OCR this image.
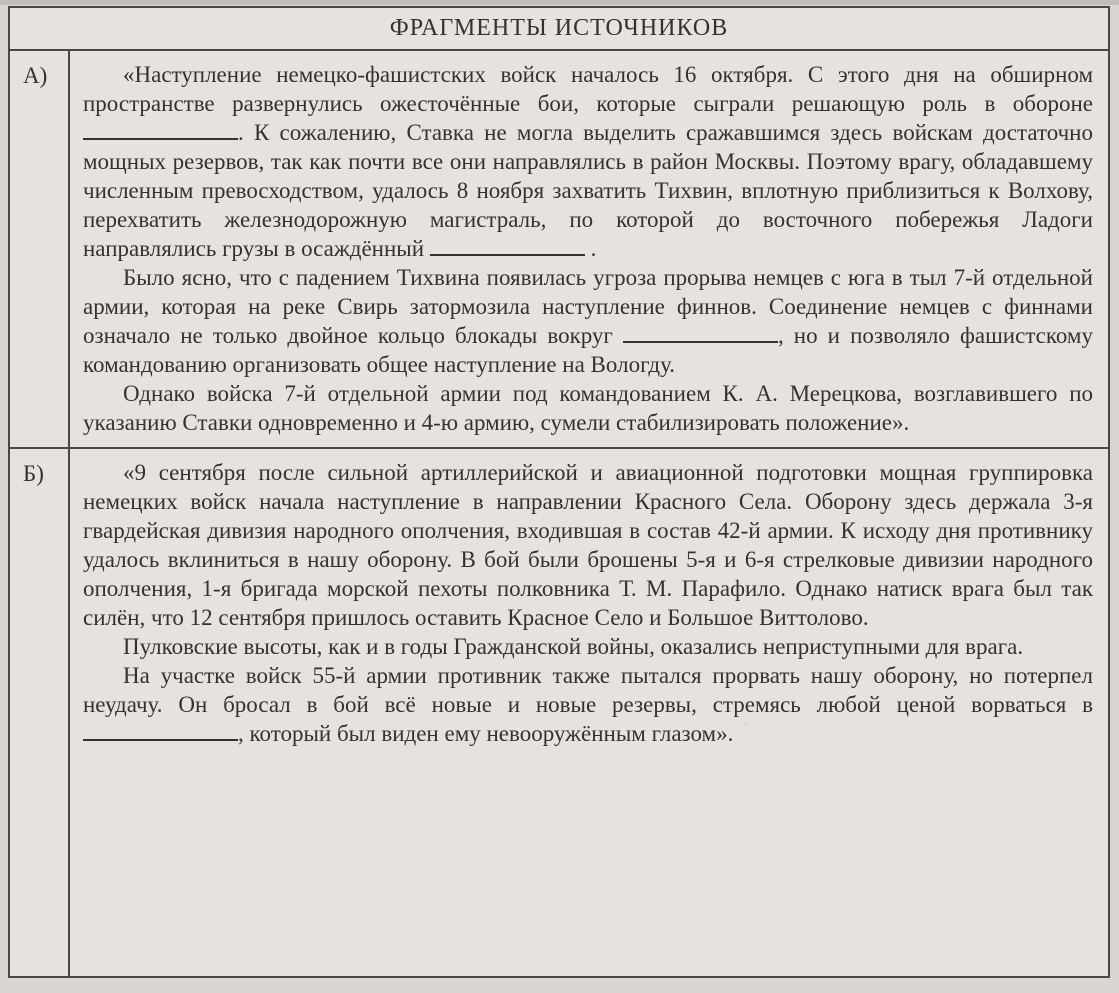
ФРАГМЕНТЫ ИСТОЧНИКОВ
А)	«Наступление немецко-фашистских войск началось 16 октября. С этого дня на обширном пространстве развернулись ожесточённые бои, которые сыграли решающую роль в обороне . К сожалению, Ставка не могла выделить сражавшимся здесь войскам достаточно мощных резервов, так как почти все они направлялись в район Москвы. Поэтому врагу, обладавшему численным превосходством, удалось 8 ноября захватить Тихвин, вплотную приблизиться к Волхову, перехватить железнодорожную магистраль, по которой до восточного побережья Ладоги направлялись грузы в осаждённый	.

Было ясно, что с падением Тихвина появилась угроза прорыва немцев с юга в тыл 7-й отдельной армии, которая на реке Свирь затормозила наступление финнов. Соединение немцев с финнами означало не только двойное кольцо блокады вокруг	, но и позволяло фашистскому командованию организовать общее наступление на Вологду.

Однако войска 7-й отдельной армии под командованием К. А. Мерецкова, возглавившего по указанию Ставки одновременно и 4-ю армию, сумели стабилизировать положение».

Б)	«9 сентября после сильной артиллерийской и авиационной подготовки мощная группировка немецких войск начала наступление в направлении Красного Села. Оборону здесь держала 3-я гвардейская дивизия народного ополчения, входившая в состав 42-й армии. К исходу дня противнику удалось вклиниться в нашу оборону. В бой были брошены 5-я и 6-я стрелковые дивизии народного ополчения, 1-я бригада морской пехоты полковника Т. М. Парафило. Однако натиск врага был так силён, что 12 сентября пришлось оставить Красное Село и Большое Виттолово.

Пулковские высоты, как и в годы Гражданской войны, оказались неприступными для врага.

На участке войск 55-й армии противник также пытался прорвать нашу оборону, но потерпел неудачу. Он бросал в бой всё новые и новые резервы, стремясь любой ценой ворваться в , который был виден ему невооружённым глазом».
